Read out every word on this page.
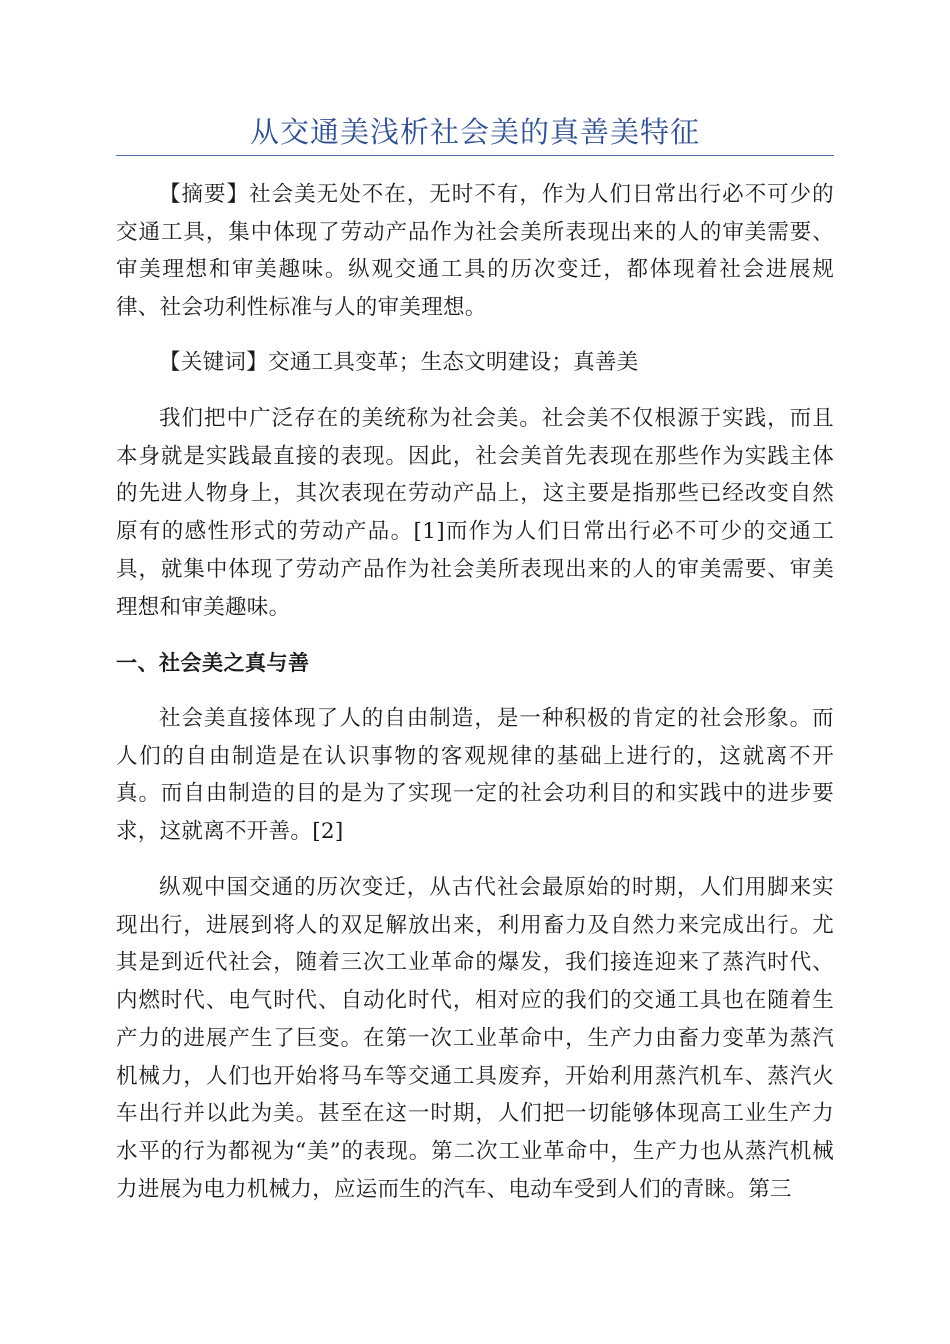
从交通美浅析社会美的真善美特征

【摘要】社会美无处不在，无时不有，作为人们日常出行必不可少的交通工具，集中体现了劳动产品作为社会美所表现出来的人的审美需要、审美理想和审美趣味。纵观交通工具的历次变迁，都体现着社会进展规律、社会功利性标准与人的审美理想。

【关键词】交通工具变革；生态文明建设；真善美

我们把中广泛存在的美统称为社会美。社会美不仅根源于实践，而且本身就是实践最直接的表现。因此，社会美首先表现在那些作为实践主体的先进人物身上，其次表现在劳动产品上，这主要是指那些已经改变自然原有的感性形式的劳动产品。[1]而作为人们日常出行必不可少的交通工具，就集中体现了劳动产品作为社会美所表现出来的人的审美需要、审美理想和审美趣味。

一、社会美之真与善

社会美直接体现了人的自由制造，是一种积极的肯定的社会形象。而人们的自由制造是在认识事物的客观规律的基础上进行的，这就离不开真。而自由制造的目的是为了实现一定的社会功利目的和实践中的进步要求，这就离不开善。[2]

纵观中国交通的历次变迁，从古代社会最原始的时期，人们用脚来实现出行，进展到将人的双足解放出来，利用畜力及自然力来完成出行。尤其是到近代社会，随着三次工业革命的爆发，我们接连迎来了蒸汽时代、内燃时代、电气时代、自动化时代，相对应的我们的交通工具也在随着生产力的进展产生了巨变。在第一次工业革命中，生产力由畜力变革为蒸汽机械力，人们也开始将马车等交通工具废弃，开始利用蒸汽机车、蒸汽火车出行并以此为美。甚至在这一时期，人们把一切能够体现高工业生产力水平的行为都视为“美”的表现。第二次工业革命中，生产力也从蒸汽机械力进展为电力机械力，应运而生的汽车、电动车受到人们的青睐。第三
